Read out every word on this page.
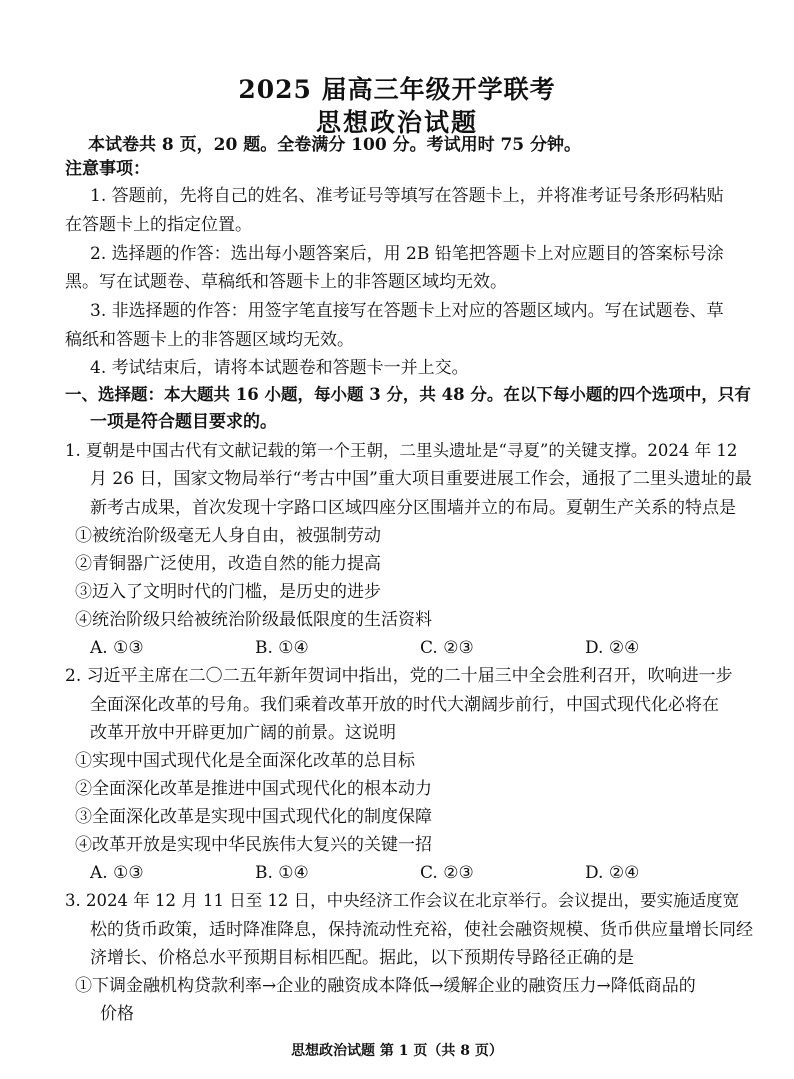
2025 届高三年级开学联考
思想政治试题
本试卷共 8 页，20 题。全卷满分 100 分。考试用时 75 分钟。
注意事项：
1. 答题前，先将自己的姓名、准考证号等填写在答题卡上，并将准考证号条形码粘贴
在答题卡上的指定位置。
2. 选择题的作答：选出每小题答案后，用 2B 铅笔把答题卡上对应题目的答案标号涂
黑。写在试题卷、草稿纸和答题卡上的非答题区域均无效。
3. 非选择题的作答：用签字笔直接写在答题卡上对应的答题区域内。写在试题卷、草
稿纸和答题卡上的非答题区域均无效。
4. 考试结束后，请将本试题卷和答题卡一并上交。
一、选择题：本大题共 16 小题，每小题 3 分，共 48 分。在以下每小题的四个选项中，只有
一项是符合题目要求的。
1. 夏朝是中国古代有文献记载的第一个王朝，二里头遗址是“寻夏”的关键支撑。2024 年 12
月 26 日，国家文物局举行“考古中国”重大项目重要进展工作会，通报了二里头遗址的最
新考古成果，首次发现十字路口区域四座分区围墙并立的布局。夏朝生产关系的特点是
①被统治阶级毫无人身自由，被强制劳动
②青铜器广泛使用，改造自然的能力提高
③迈入了文明时代的门槛，是历史的进步
④统治阶级只给被统治阶级最低限度的生活资料
A. ①③	B. ①④	C. ②③	D. ②④
2. 习近平主席在二〇二五年新年贺词中指出，党的二十届三中全会胜利召开，吹响进一步
全面深化改革的号角。我们乘着改革开放的时代大潮阔步前行，中国式现代化必将在
改革开放中开辟更加广阔的前景。这说明
①实现中国式现代化是全面深化改革的总目标
②全面深化改革是推进中国式现代化的根本动力
③全面深化改革是实现中国式现代化的制度保障
④改革开放是实现中华民族伟大复兴的关键一招
A. ①③	B. ①④	C. ②③	D. ②④
3. 2024 年 12 月 11 日至 12 日，中央经济工作会议在北京举行。会议提出，要实施适度宽
松的货币政策，适时降准降息，保持流动性充裕，使社会融资规模、货币供应量增长同经
济增长、价格总水平预期目标相匹配。据此，以下预期传导路径正确的是
①下调金融机构贷款利率→企业的融资成本降低→缓解企业的融资压力→降低商品的
价格
思想政治试题 第 1 页（共 8 页）
